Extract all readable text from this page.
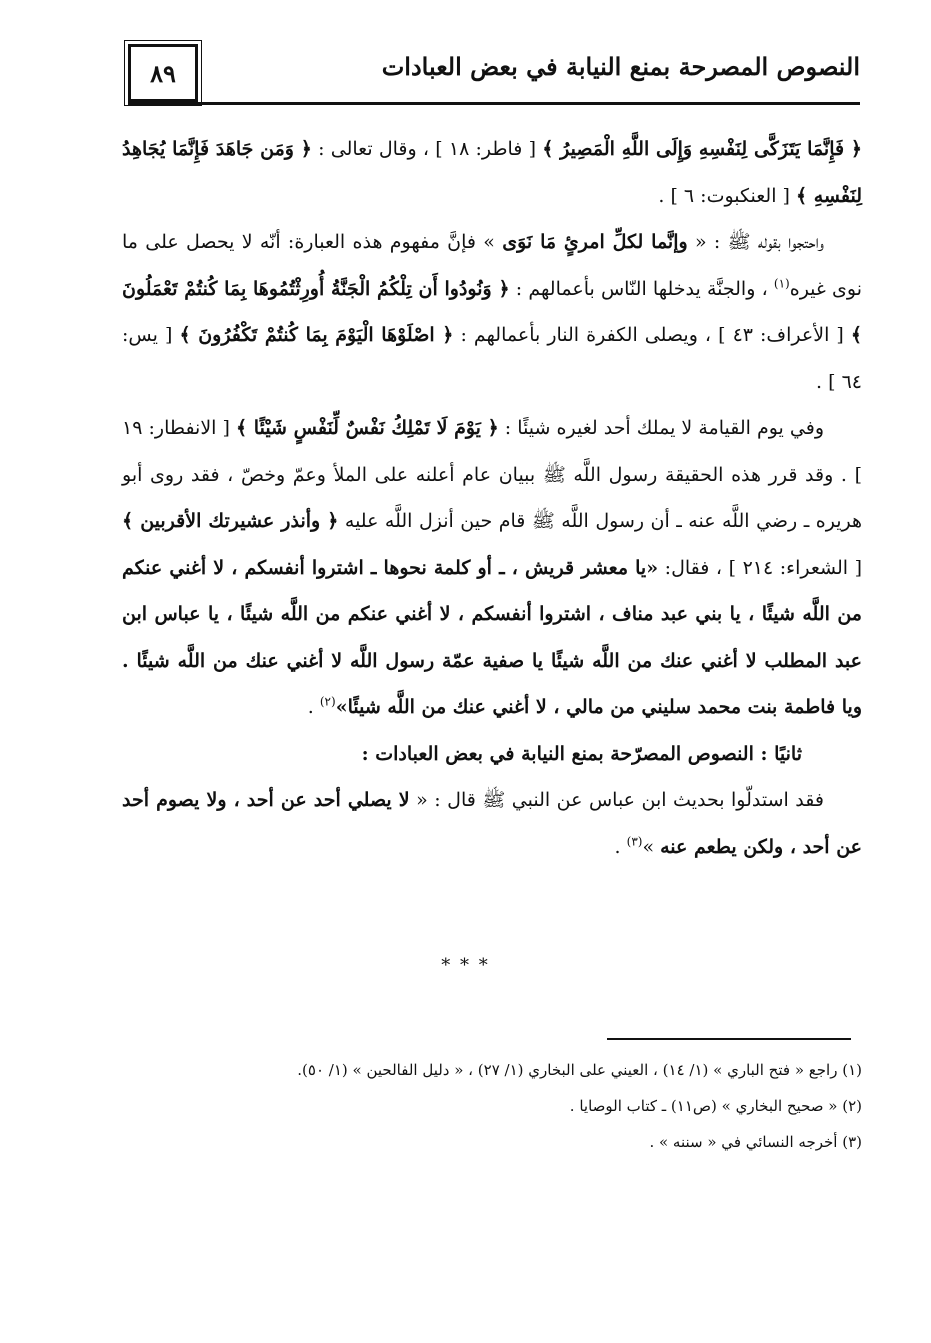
٨٩	النصوص المصرحة بمنع النيابة في بعض العبادات

﴿ فَإِنَّمَا يَتَزَكَّى لِنَفْسِهِ وَإِلَى اللَّهِ الْمَصِيرُ ﴾ [ فاطر: ١٨ ] ، وقال تعالى : ﴿ وَمَن جَاهَدَ فَإِنَّمَا يُجَاهِدُ لِنَفْسِهِ ﴾ [ العنكبوت: ٦ ] .

واحتجوا بقوله ﷺ : « وإنَّما لكلِّ امرئٍ مَا نَوَى » فإنَّ مفهوم هذه العبارة: أنّه لا يحصل على ما نوى غيره$^{(١)}$ ، والجنَّة يدخلها النّاس بأعمالهم : ﴿ وَنُودُوا أَن تِلْكُمُ الْجَنَّةُ أُورِثْتُمُوهَا بِمَا كُنتُمْ تَعْمَلُونَ ﴾ [ الأعراف: ٤٣ ] ، ويصلى الكفرة النار بأعمالهم : ﴿ اصْلَوْهَا الْيَوْمَ بِمَا كُنتُمْ تَكْفُرُونَ ﴾ [ يس: ٦٤ ] .

وفي يوم القيامة لا يملك أحد لغيره شيئًا : ﴿ يَوْمَ لَا تَمْلِكُ نَفْسٌ لِّنَفْسٍ شَيْئًا ﴾ [ الانفطار: ١٩ ] . وقد قرر هذه الحقيقة رسول اللَّه ﷺ ببيان عام أعلنه على الملأ وعمّ وخصّ ، فقد روى أبو هريره ـ رضي اللَّه عنه ـ أن رسول اللَّه ﷺ قام حين أنزل اللَّه عليه ﴿ وأنذر عشيرتك الأقربين ﴾ [ الشعراء: ٢١٤ ] ، فقال: «يا معشر قريش ، ـ أو كلمة نحوها ـ اشتروا أنفسكم ، لا أغني عنكم من اللَّه شيئًا ، يا بني عبد مناف ، اشتروا أنفسكم ، لا أغني عنكم من اللَّه شيئًا ، يا عباس ابن عبد المطلب لا أغني عنك من اللَّه شيئًا يا صفية عمّة رسول اللَّه لا أغني عنك من اللَّه شيئًا . ويا فاطمة بنت محمد سليني من مالي ، لا أغني عنك من اللَّه شيئًا»$^{(٢)}$ .

ثانيًا : النصوص المصرّحة بمنع النيابة في بعض العبادات :

فقد استدلّوا بحديث ابن عباس عن النبي ﷺ قال : « لا يصلي أحد عن أحد ، ولا يصوم أحد عن أحد ، ولكن يطعم عنه »$^{(٣)}$ .

* * *

(١) راجع « فتح الباري » (١/ ١٤) ، العيني على البخاري (١/ ٢٧) ، « دليل الفالحين » (١/ ٥٠).

(٢) « صحيح البخاري » (ص١١) ـ كتاب الوصايا .

(٣) أخرجه النسائي في « سننه » .
